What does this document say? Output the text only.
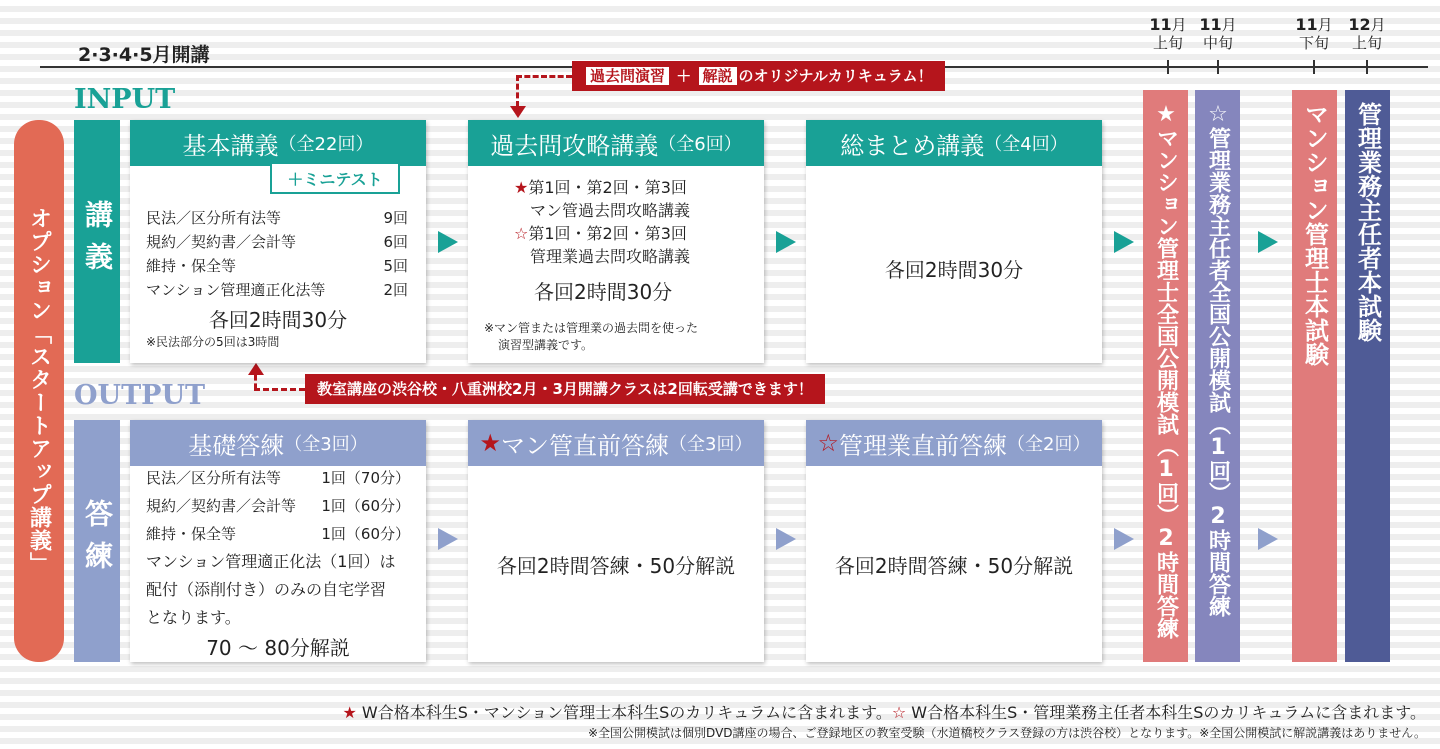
2·3·4·5月開講
11月
上旬
11月
中旬
11月
下旬
12月
上旬
INPUT
OUTPUT
過去問演習 ＋ 解説 のオリジナルカリキュラム！
教室講座の渋谷校・八重洲校2月・3月開講クラスは2回転受講できます！
オプション「スタートアップ講義」 講義
答練
基本講義 （全22回）
民法／区分所有法等	9回
規約／契約書／会計等	6回
維持・保全等	5回
マンション管理適正化法等	2回
各回2時間30分
※民法部分の5回は3時間
＋ミニテスト
過去問攻略講義 （全6回）
★第1回・第2回・第3回
マン管過去問攻略講義
☆第1回・第2回・第3回
管理業過去問攻略講義
各回2時間30分
※マン管または管理業の過去問を使った
演習型講義です。
総まとめ講義 （全4回）
各回2時間30分
基礎答練 （全3回）
民法／区分所有法等	1回（70分）
規約／契約書／会計等 1回（60分）
維持・保全等	1回（60分）
マンション管理適正化法（1回）は
配付（添削付き）のみの自宅学習
となります。
70 〜 80分解説
★ マン管直前答練 （全3回）
各回2時間答練・50分解説
☆ 管理業直前答練 （全2回）
各回2時間答練・50分解説	★マンション管理士全国公開模試（1回）2時間答練 ☆管理業務主任者全国公開模試（1回）2時間答練	マンション管理士本試験 管理業務主任者本試験
★ W合格本科生S・マンション管理士本科生Sのカリキュラムに含まれます。☆ W合格本科生S・管理業務主任者本科生Sのカリキュラムに含まれます。
※全国公開模試は個別DVD講座の場合、ご登録地区の教室受験（水道橋校クラス登録の方は渋谷校）となります。※全国公開模試に解説講義はありません。
